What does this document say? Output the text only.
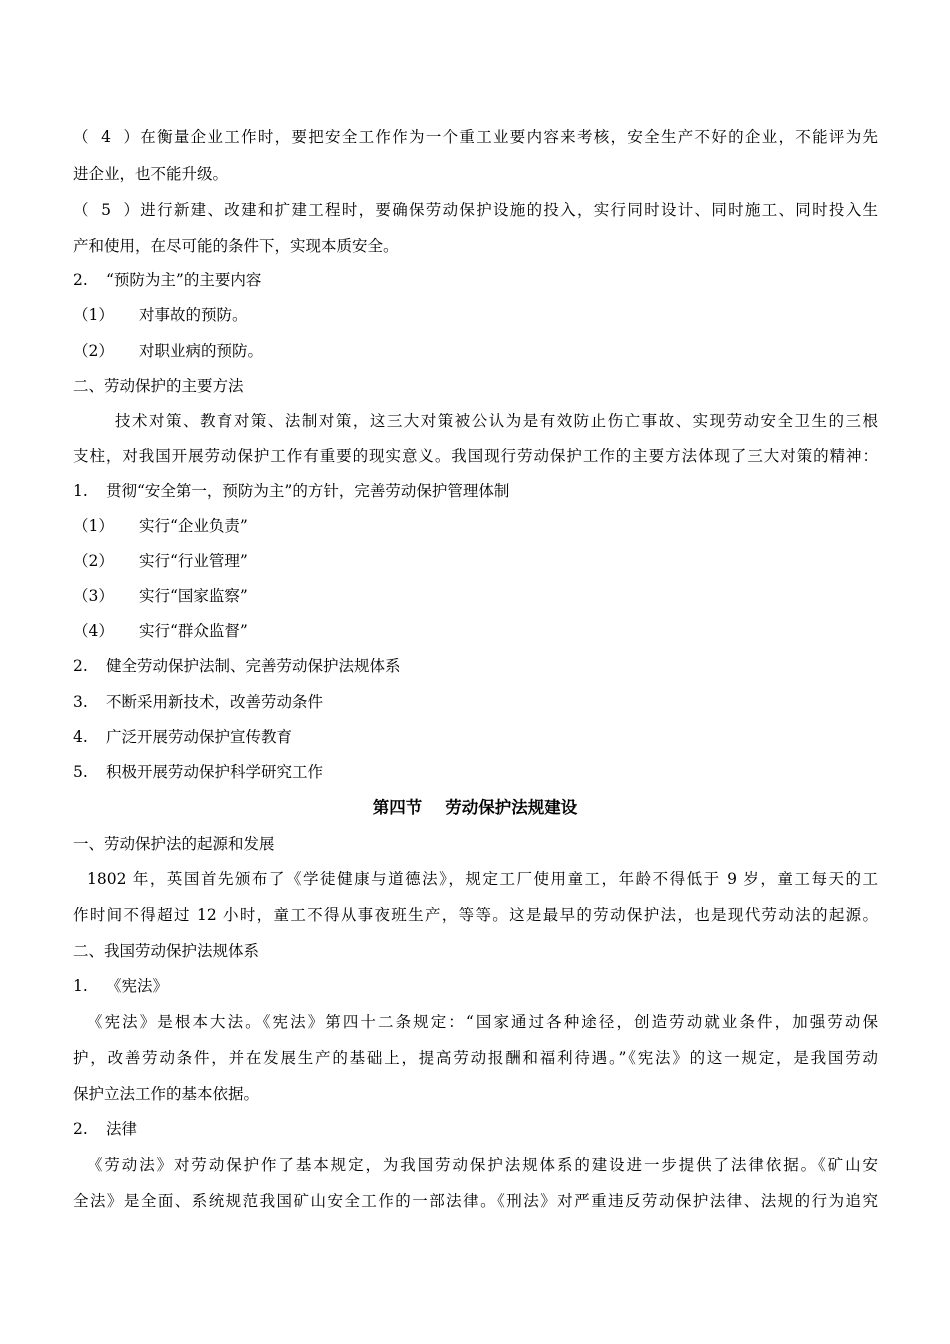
（4）在衡量企业工作时，要把安全工作作为一个重工业要内容来考核，安全生产不好的企业，不能评为先
进企业，也不能升级。
（5）进行新建、改建和扩建工程时，要确保劳动保护设施的投入，实行同时设计、同时施工、同时投入生
产和使用，在尽可能的条件下，实现本质安全。
2. “预防为主”的主要内容
（1） 对事故的预防。
（2） 对职业病的预防。
二、劳动保护的主要方法
技术对策、教育对策、法制对策，这三大对策被公认为是有效防止伤亡事故、实现劳动安全卫生的三根
支柱，对我国开展劳动保护工作有重要的现实意义。我国现行劳动保护工作的主要方法体现了三大对策的精神：
1. 贯彻“安全第一，预防为主”的方针，完善劳动保护管理体制
（1） 实行“企业负责”
（2） 实行“行业管理”
（3） 实行“国家监察”
（4） 实行“群众监督”
2. 健全劳动保护法制、完善劳动保护法规体系
3. 不断采用新技术，改善劳动条件
4. 广泛开展劳动保护宣传教育
5. 积极开展劳动保护科学研究工作
第四节    劳动保护法规建设
一、劳动保护法的起源和发展
1802 年，英国首先颁布了《学徒健康与道德法》，规定工厂使用童工，年龄不得低于 9 岁，童工每天的工
作时间不得超过 12 小时，童工不得从事夜班生产，等等。这是最早的劳动保护法，也是现代劳动法的起源。
二、我国劳动保护法规体系
1. 《宪法》
《宪法》是根本大法。《宪法》第四十二条规定：“国家通过各种途径，创造劳动就业条件，加强劳动保
护，改善劳动条件，并在发展生产的基础上，提高劳动报酬和福利待遇。”《宪法》的这一规定，是我国劳动
保护立法工作的基本依据。
2. 法律
《劳动法》对劳动保护作了基本规定，为我国劳动保护法规体系的建设进一步提供了法律依据。《矿山安
全法》是全面、系统规范我国矿山安全工作的一部法律。《刑法》对严重违反劳动保护法律、法规的行为追究
